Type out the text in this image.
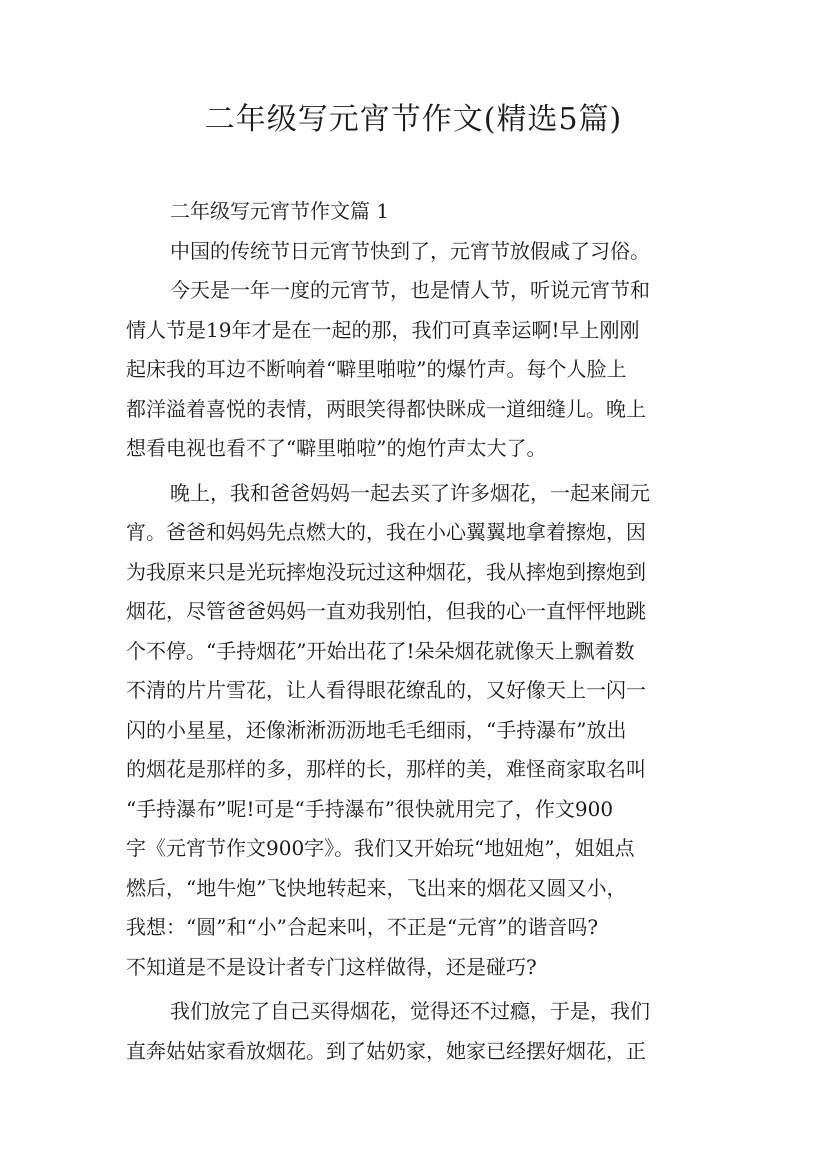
二年级写元宵节作文(精选5篇)
二年级写元宵节作文篇 1
中国的传统节日元宵节快到了，元宵节放假咸了习俗。
今天是一年一度的元宵节，也是情人节，听说元宵节和
情人节是19年才是在一起的那，我们可真幸运啊!早上刚刚
起床我的耳边不断响着“噼里啪啦”的爆竹声。每个人脸上
都洋溢着喜悦的表情，两眼笑得都快眯成一道细缝儿。晚上
想看电视也看不了“噼里啪啦”的炮竹声太大了。
晚上，我和爸爸妈妈一起去买了许多烟花，一起来闹元
宵。爸爸和妈妈先点燃大的，我在小心翼翼地拿着擦炮，因
为我原来只是光玩摔炮没玩过这种烟花，我从摔炮到擦炮到
烟花，尽管爸爸妈妈一直劝我别怕，但我的心一直怦怦地跳
个不停。“手持烟花”开始出花了!朵朵烟花就像天上飘着数
不清的片片雪花，让人看得眼花缭乱的，又好像天上一闪一
闪的小星星，还像淅淅沥沥地毛毛细雨，“手持瀑布”放出
的烟花是那样的多，那样的长，那样的美，难怪商家取名叫
“手持瀑布”呢!可是“手持瀑布”很快就用完了，作文900
字《元宵节作文900字》。我们又开始玩“地妞炮”，姐姐点
燃后，“地牛炮”飞快地转起来，飞出来的烟花又圆又小，
我想：“圆”和“小”合起来叫，不正是“元宵”的谐音吗?
不知道是不是设计者专门这样做得，还是碰巧?
我们放完了自己买得烟花，觉得还不过瘾，于是，我们
直奔姑姑家看放烟花。到了姑奶家，她家已经摆好烟花，正
